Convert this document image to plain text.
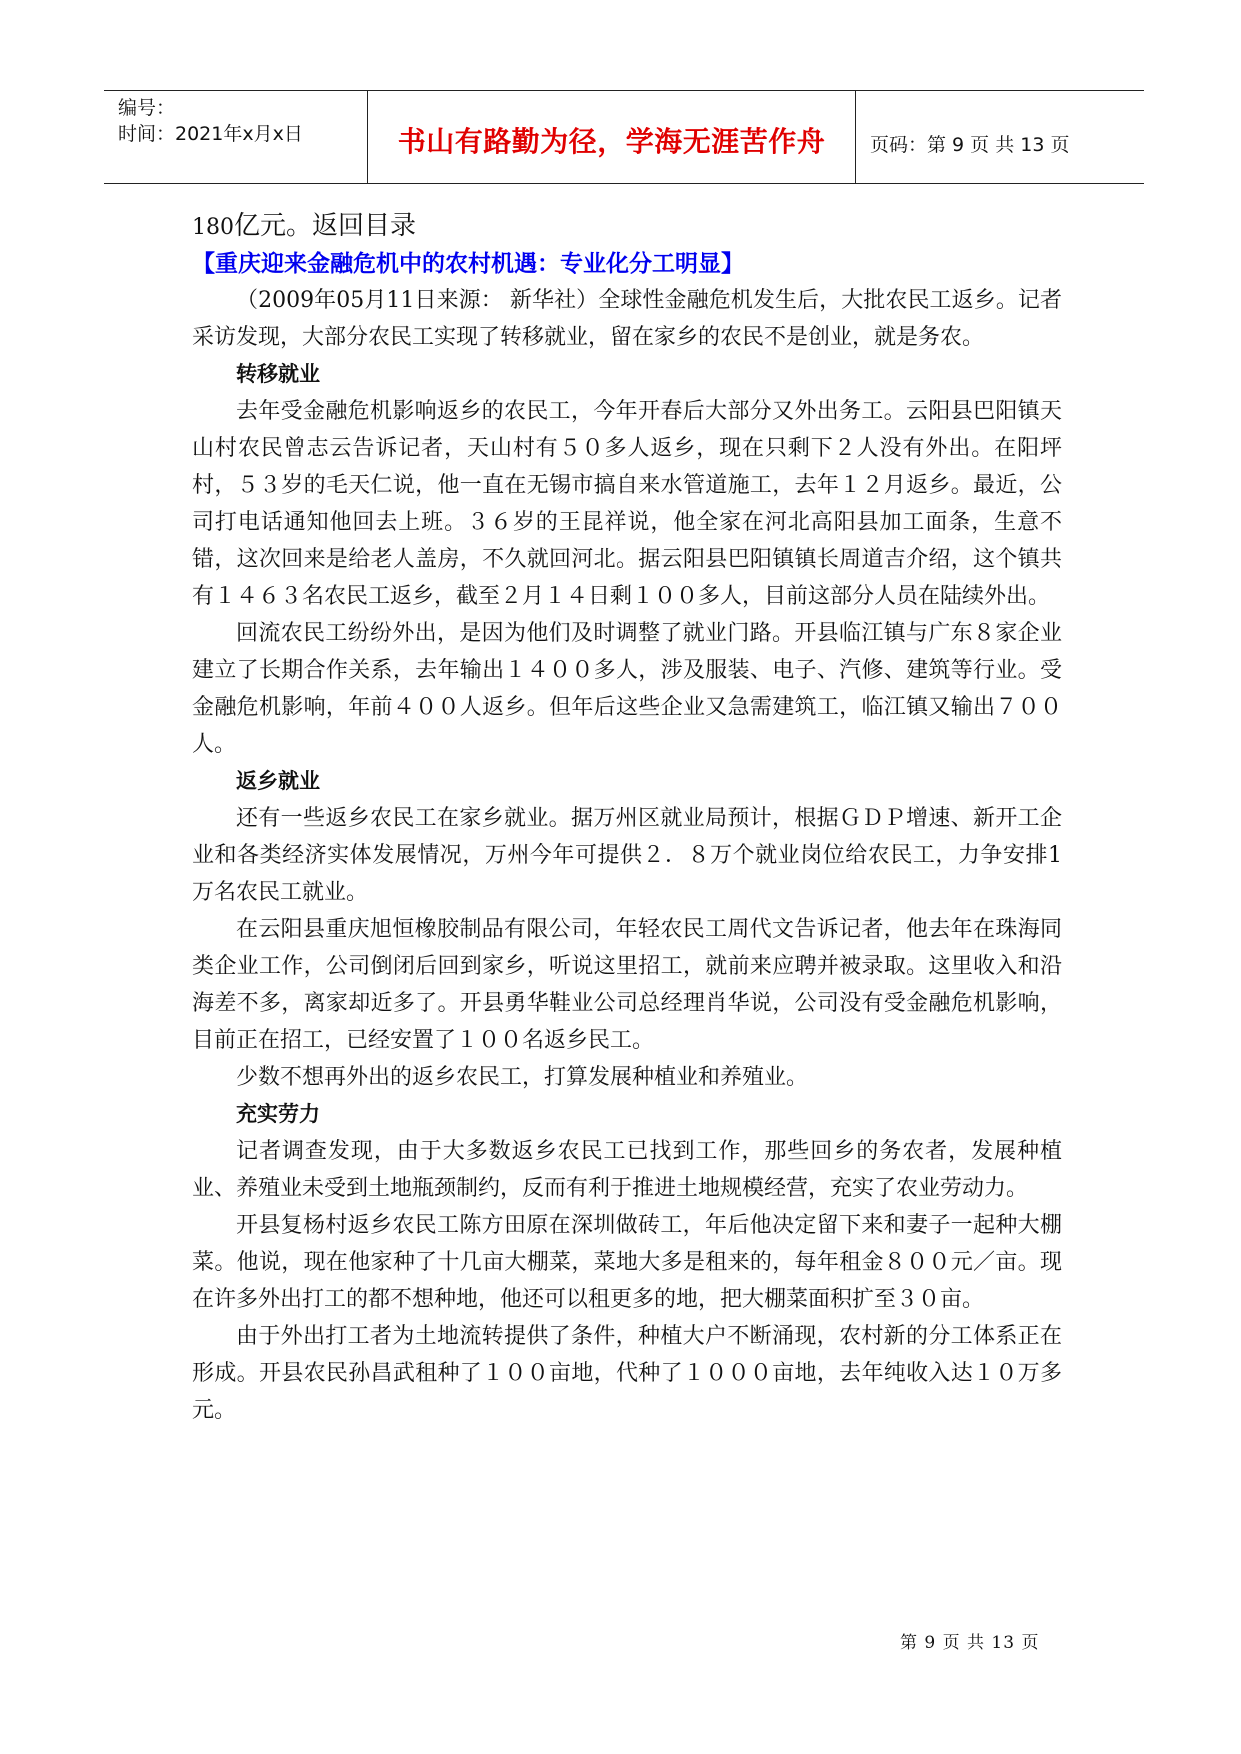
编号：
时间：2021年x月x日	书山有路勤为径，学海无涯苦作舟 页码：第 9 页 共 13 页

180亿元。返回目录

【重庆迎来金融危机中的农村机遇：专业化分工明显】

（2009年05月11日来源： 新华社）全球性金融危机发生后，大批农民工返乡。记者采访发现，大部分农民工实现了转移就业，留在家乡的农民不是创业，就是务农。

转移就业

去年受金融危机影响返乡的农民工，今年开春后大部分又外出务工。云阳县巴阳镇天山村农民曾志云告诉记者，天山村有５０多人返乡，现在只剩下２人没有外出。在阳坪村，５３岁的毛天仁说，他一直在无锡市搞自来水管道施工，去年１２月返乡。最近，公司打电话通知他回去上班。３６岁的王昆祥说，他全家在河北高阳县加工面条，生意不错，这次回来是给老人盖房，不久就回河北。据云阳县巴阳镇镇长周道吉介绍，这个镇共有１４６３名农民工返乡，截至２月１４日剩１００多人，目前这部分人员在陆续外出。

回流农民工纷纷外出，是因为他们及时调整了就业门路。开县临江镇与广东８家企业建立了长期合作关系，去年输出１４００多人，涉及服装、电子、汽修、建筑等行业。受金融危机影响，年前４００人返乡。但年后这些企业又急需建筑工，临江镇又输出７００人。

返乡就业

还有一些返乡农民工在家乡就业。据万州区就业局预计，根据ＧＤＰ增速、新开工企业和各类经济实体发展情况，万州今年可提供２．８万个就业岗位给农民工，力争安排1万名农民工就业。

在云阳县重庆旭恒橡胶制品有限公司，年轻农民工周代文告诉记者，他去年在珠海同类企业工作，公司倒闭后回到家乡，听说这里招工，就前来应聘并被录取。这里收入和沿海差不多，离家却近多了。开县勇华鞋业公司总经理肖华说，公司没有受金融危机影响，目前正在招工，已经安置了１００名返乡民工。

少数不想再外出的返乡农民工，打算发展种植业和养殖业。

充实劳力

记者调查发现，由于大多数返乡农民工已找到工作，那些回乡的务农者，发展种植业、养殖业未受到土地瓶颈制约，反而有利于推进土地规模经营，充实了农业劳动力。

开县复杨村返乡农民工陈方田原在深圳做砖工，年后他决定留下来和妻子一起种大棚菜。他说，现在他家种了十几亩大棚菜，菜地大多是租来的，每年租金８００元／亩。现在许多外出打工的都不想种地，他还可以租更多的地，把大棚菜面积扩至３０亩。

由于外出打工者为土地流转提供了条件，种植大户不断涌现，农村新的分工体系正在形成。开县农民孙昌武租种了１００亩地，代种了１０００亩地，去年纯收入达１０万多元。

第 9 页 共 13 页
